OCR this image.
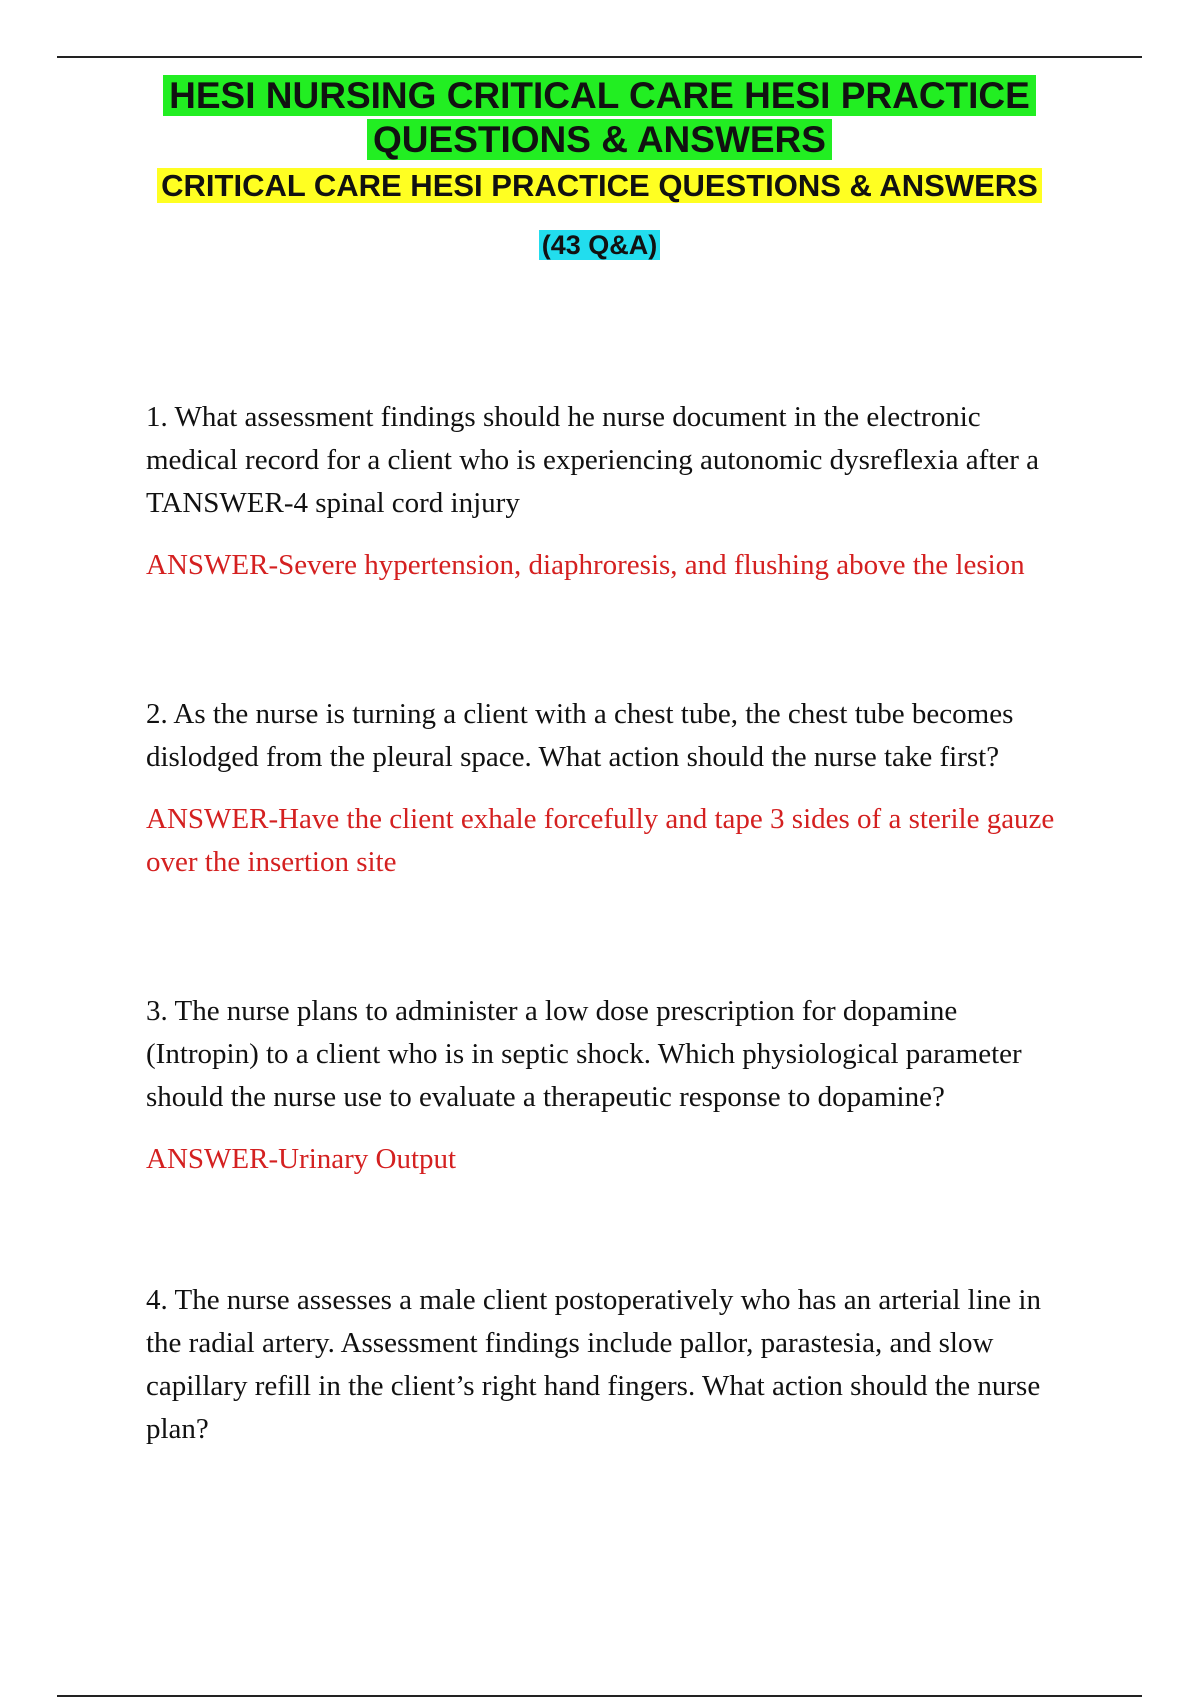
HESI NURSING CRITICAL CARE HESI PRACTICE QUESTIONS & ANSWERS

CRITICAL CARE HESI PRACTICE QUESTIONS & ANSWERS

(43 Q&A)

1. What assessment findings should he nurse document in the electronic medical record for a client who is experiencing autonomic dysreflexia after a TANSWER-4 spinal cord injury

ANSWER-Severe hypertension, diaphroresis, and flushing above the lesion

2. As the nurse is turning a client with a chest tube, the chest tube becomes dislodged from the pleural space. What action should the nurse take first?

ANSWER-Have the client exhale forcefully and tape 3 sides of a sterile gauze over the insertion site

3. The nurse plans to administer a low dose prescription for dopamine (Intropin) to a client who is in septic shock. Which physiological parameter should the nurse use to evaluate a therapeutic response to dopamine?

ANSWER-Urinary Output

4. The nurse assesses a male client postoperatively who has an arterial line in the radial artery. Assessment findings include pallor, parastesia, and slow capillary refill in the client’s right hand fingers. What action should the nurse plan?
